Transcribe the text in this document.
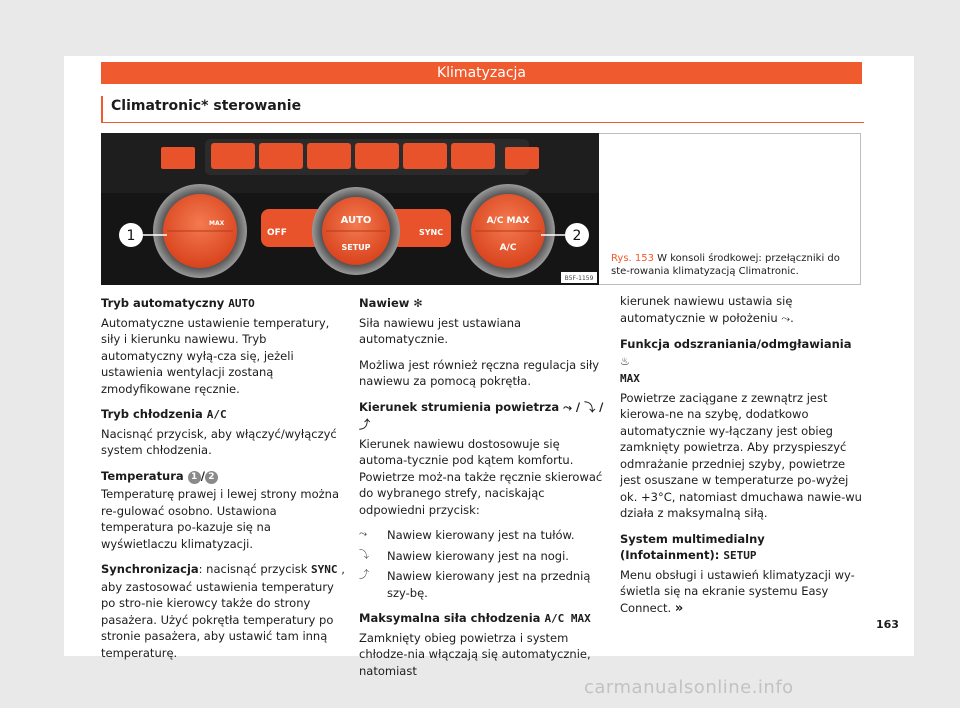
Klimatyzacja
Climatronic* sterowanie
OFF
AUTO
SETUP
SYNC
A/C MAX
A/C
MAX
1	2
B5F-1159
Rys. 153 W konsoli środkowej: przełączniki do ste-rowania klimatyzacją Climatronic.
Tryb automatyczny AUTO

Automatyczne ustawienie temperatury, siły i kierunku nawiewu. Tryb automatyczny wyłą-cza się, jeżeli ustawienia wentylacji zostaną zmodyfikowane ręcznie.

Tryb chłodzenia A/C

Nacisnąć przycisk, aby włączyć/wyłączyć system chłodzenia.

Temperatura 1 / 2

Temperaturę prawej i lewej strony można re-gulować osobno. Ustawiona temperatura po-kazuje się na wyświetlaczu klimatyzacji.

Synchronizacja: nacisnąć przycisk SYNC , aby zastosować ustawienia temperatury po stro-nie kierowcy także do strony pasażera. Użyć pokrętła temperatury po stronie pasażera, aby ustawić tam inną temperaturę.

Nawiew ✻

Siła nawiewu jest ustawiana automatycznie.

Możliwa jest również ręczna regulacja siły nawiewu za pomocą pokrętła.

Kierunek strumienia powietrza ⤳ / ⤵ / ⤴

Kierunek nawiewu dostosowuje się automa-tycznie pod kątem komfortu. Powietrze moż-na także ręcznie skierować do wybranego strefy, naciskając odpowiedni przycisk:

⤳	Nawiew kierowany jest na tułów.
⤵	Nawiew kierowany jest na nogi.
⤴	Nawiew kierowany jest na przednią szy-bę.
Maksymalna siła chłodzenia A/C MAX

Zamknięty obieg powietrza i system chłodze-nia włączają się automatycznie, natomiast

kierunek nawiewu ustawia się automatycznie w położeniu ⤳.

Funkcja odszraniania/odmgławiania ♨
MAX

Powietrze zaciągane z zewnątrz jest kierowa-ne na szybę, dodatkowo automatycznie wy-łączany jest obieg zamknięty powietrza. Aby przyspieszyć odmrażanie przedniej szyby, powietrze jest osuszane w temperaturze po-wyżej ok. +3°C, natomiast dmuchawa nawie-wu działa z maksymalną siłą.

System multimedialny (Infotainment): SETUP

Menu obsługi i ustawień klimatyzacji wy-świetla się na ekranie systemu Easy Connect. »

163
carmanualsonline.info
